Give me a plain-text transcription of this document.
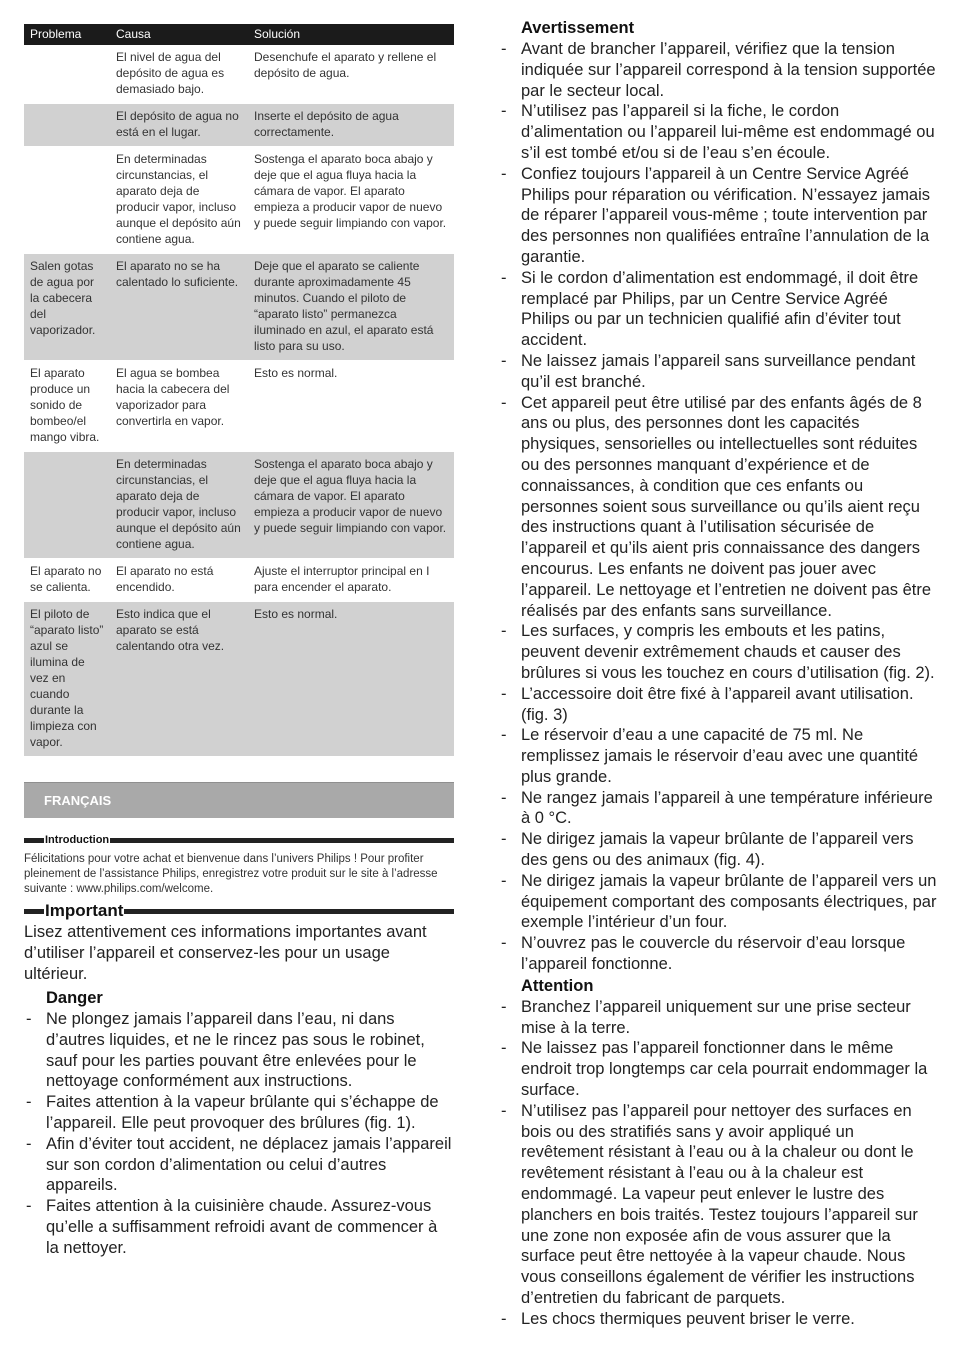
Problema	Causa	Solución
	El nivel de agua del depósito de agua es demasiado bajo.	Desenchufe el aparato y rellene el depósito de agua.
	El depósito de agua no está en el lugar.	Inserte el depósito de agua correctamente.
	En determinadas circunstancias, el aparato deja de producir vapor, incluso aunque el depósito aún contiene agua.	Sostenga el aparato boca abajo y deje que el agua fluya hacia la cámara de vapor. El aparato empieza a producir vapor de nuevo y puede seguir limpiando con vapor.
Salen gotas de agua por la cabecera del vaporizador.	El aparato no se ha calentado lo suficiente.	Deje que el aparato se caliente durante aproximadamente 45 minutos. Cuando el piloto de “aparato listo” permanezca iluminado en azul, el aparato está listo para su uso.
El aparato produce un sonido de bombeo/el mango vibra.	El agua se bombea hacia la cabecera del vaporizador para convertirla en vapor.	Esto es normal.
	En determinadas circunstancias, el aparato deja de producir vapor, incluso aunque el depósito aún contiene agua.	Sostenga el aparato boca abajo y deje que el agua fluya hacia la cámara de vapor. El aparato empieza a producir vapor de nuevo y puede seguir limpiando con vapor.
El aparato no se calienta.	El aparato no está encendido.	Ajuste el interruptor principal en I para encender el aparato.
El piloto de “aparato listo” azul se ilumina de vez en cuando durante la limpieza con vapor.	Esto indica que el aparato se está calentando otra vez.	Esto es normal.
FRANÇAIS
Introduction
Félicitations pour votre achat et bienvenue dans l’univers Philips ! Pour profiter pleinement de l’assistance Philips, enregistrez votre produit sur le site à l’adresse suivante : www.philips.com/welcome.
Important
Lisez attentivement ces informations importantes avant d’utiliser l’appareil et conservez-les pour un usage ultérieur.
Danger
- Ne plongez jamais l’appareil dans l’eau, ni dans d’autres liquides, et ne le rincez pas sous le robinet, sauf pour les parties pouvant être enlevées pour le nettoyage conformément aux instructions.
- Faites attention à la vapeur brûlante qui s’échappe de l’appareil. Elle peut provoquer des brûlures (fig. 1).
- Afin d’éviter tout accident, ne déplacez jamais l’appareil sur son cordon d’alimentation ou celui d’autres appareils.
- Faites attention à la cuisinière chaude. Assurez-vous qu’elle a suffisamment refroidi avant de commencer à la nettoyer.
Avertissement
- Avant de brancher l’appareil, vérifiez que la tension indiquée sur l’appareil correspond à la tension supportée par le secteur local.
- N’utilisez pas l’appareil si la fiche, le cordon d’alimentation ou l’appareil lui-même est endommagé ou s’il est tombé et/ou si de l’eau s’en écoule.
- Confiez toujours l’appareil à un Centre Service Agréé Philips pour réparation ou vérification. N’essayez jamais de réparer l’appareil vous-même ; toute intervention par des personnes non qualifiées entraîne l’annulation de la garantie.
- Si le cordon d’alimentation est endommagé, il doit être remplacé par Philips, par un Centre Service Agréé Philips ou par un technicien qualifié afin d’éviter tout accident.
- Ne laissez jamais l’appareil sans surveillance pendant qu’il est branché.
- Cet appareil peut être utilisé par des enfants âgés de 8 ans ou plus, des personnes dont les capacités physiques, sensorielles ou intellectuelles sont réduites ou des personnes manquant d’expérience et de connaissances, à condition que ces enfants ou personnes soient sous surveillance ou qu’ils aient reçu des instructions quant à l’utilisation sécurisée de l’appareil et qu’ils aient pris connaissance des dangers encourus. Les enfants ne doivent pas jouer avec l’appareil. Le nettoyage et l’entretien ne doivent pas être réalisés par des enfants sans surveillance.
- Les surfaces, y compris les embouts et les patins, peuvent devenir extrêmement chauds et causer des brûlures si vous les touchez en cours d’utilisation (fig. 2).
- L’accessoire doit être fixé à l’appareil avant utilisation. (fig. 3)
- Le réservoir d’eau a une capacité de 75 ml. Ne remplissez jamais le réservoir d’eau avec une quantité plus grande.
- Ne rangez jamais l’appareil à une température inférieure à 0 °C.
- Ne dirigez jamais la vapeur brûlante de l’appareil vers des gens ou des animaux (fig. 4).
- Ne dirigez jamais la vapeur brûlante de l’appareil vers un équipement comportant des composants électriques, par exemple l’intérieur d’un four.
- N’ouvrez pas le couvercle du réservoir d’eau lorsque l’appareil fonctionne.
Attention
- Branchez l’appareil uniquement sur une prise secteur mise à la terre.
- Ne laissez pas l’appareil fonctionner dans le même endroit trop longtemps car cela pourrait endommager la surface.
- N’utilisez pas l’appareil pour nettoyer des surfaces en bois ou des stratifiés sans y avoir appliqué un revêtement résistant à l’eau ou à la chaleur ou dont le revêtement résistant à l’eau ou à la chaleur est endommagé. La vapeur peut enlever le lustre des planchers en bois traités. Testez toujours l’appareil sur une zone non exposée afin de vous assurer que la surface peut être nettoyée à la vapeur chaude. Nous vous conseillons également de vérifier les instructions d’entretien du fabricant de parquets.
- Les chocs thermiques peuvent briser le verre.
